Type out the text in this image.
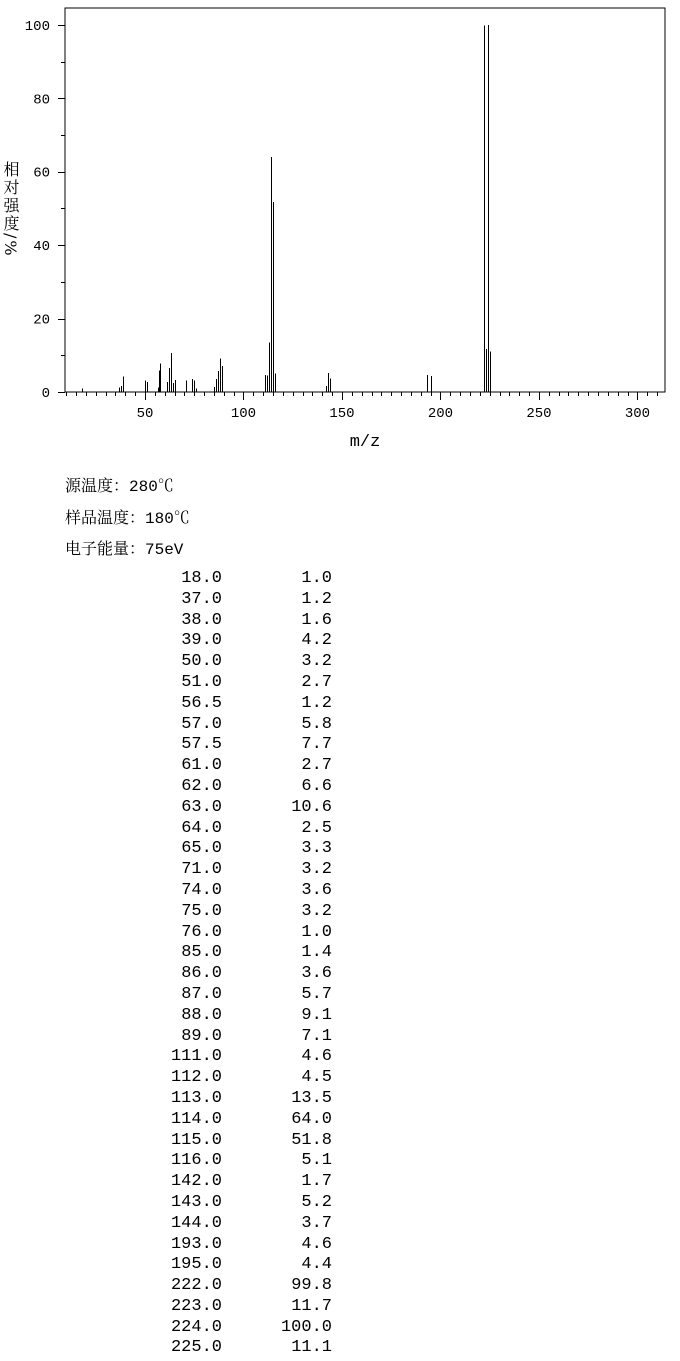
50	100	150	200	250	300
0
20
40
60
80
100
m/z
相对强度/%
源温度：280℃
样品温度：180℃
电子能量：75eV
18.0	1.0
37.0	1.2
38.0	1.6
39.0	4.2
50.0	3.2
51.0	2.7
56.5	1.2
57.0	5.8
57.5	7.7
61.0	2.7
62.0	6.6
63.0	10.6
64.0	2.5
65.0	3.3
71.0	3.2
74.0	3.6
75.0	3.2
76.0	1.0
85.0	1.4
86.0	3.6
87.0	5.7
88.0	9.1
89.0	7.1
111.0	4.6
112.0	4.5
113.0	13.5
114.0	64.0
115.0	51.8
116.0	5.1
142.0	1.7
143.0	5.2
144.0	3.7
193.0	4.6
195.0	4.4
222.0	99.8
223.0	11.7
224.0	100.0
225.0	11.1
